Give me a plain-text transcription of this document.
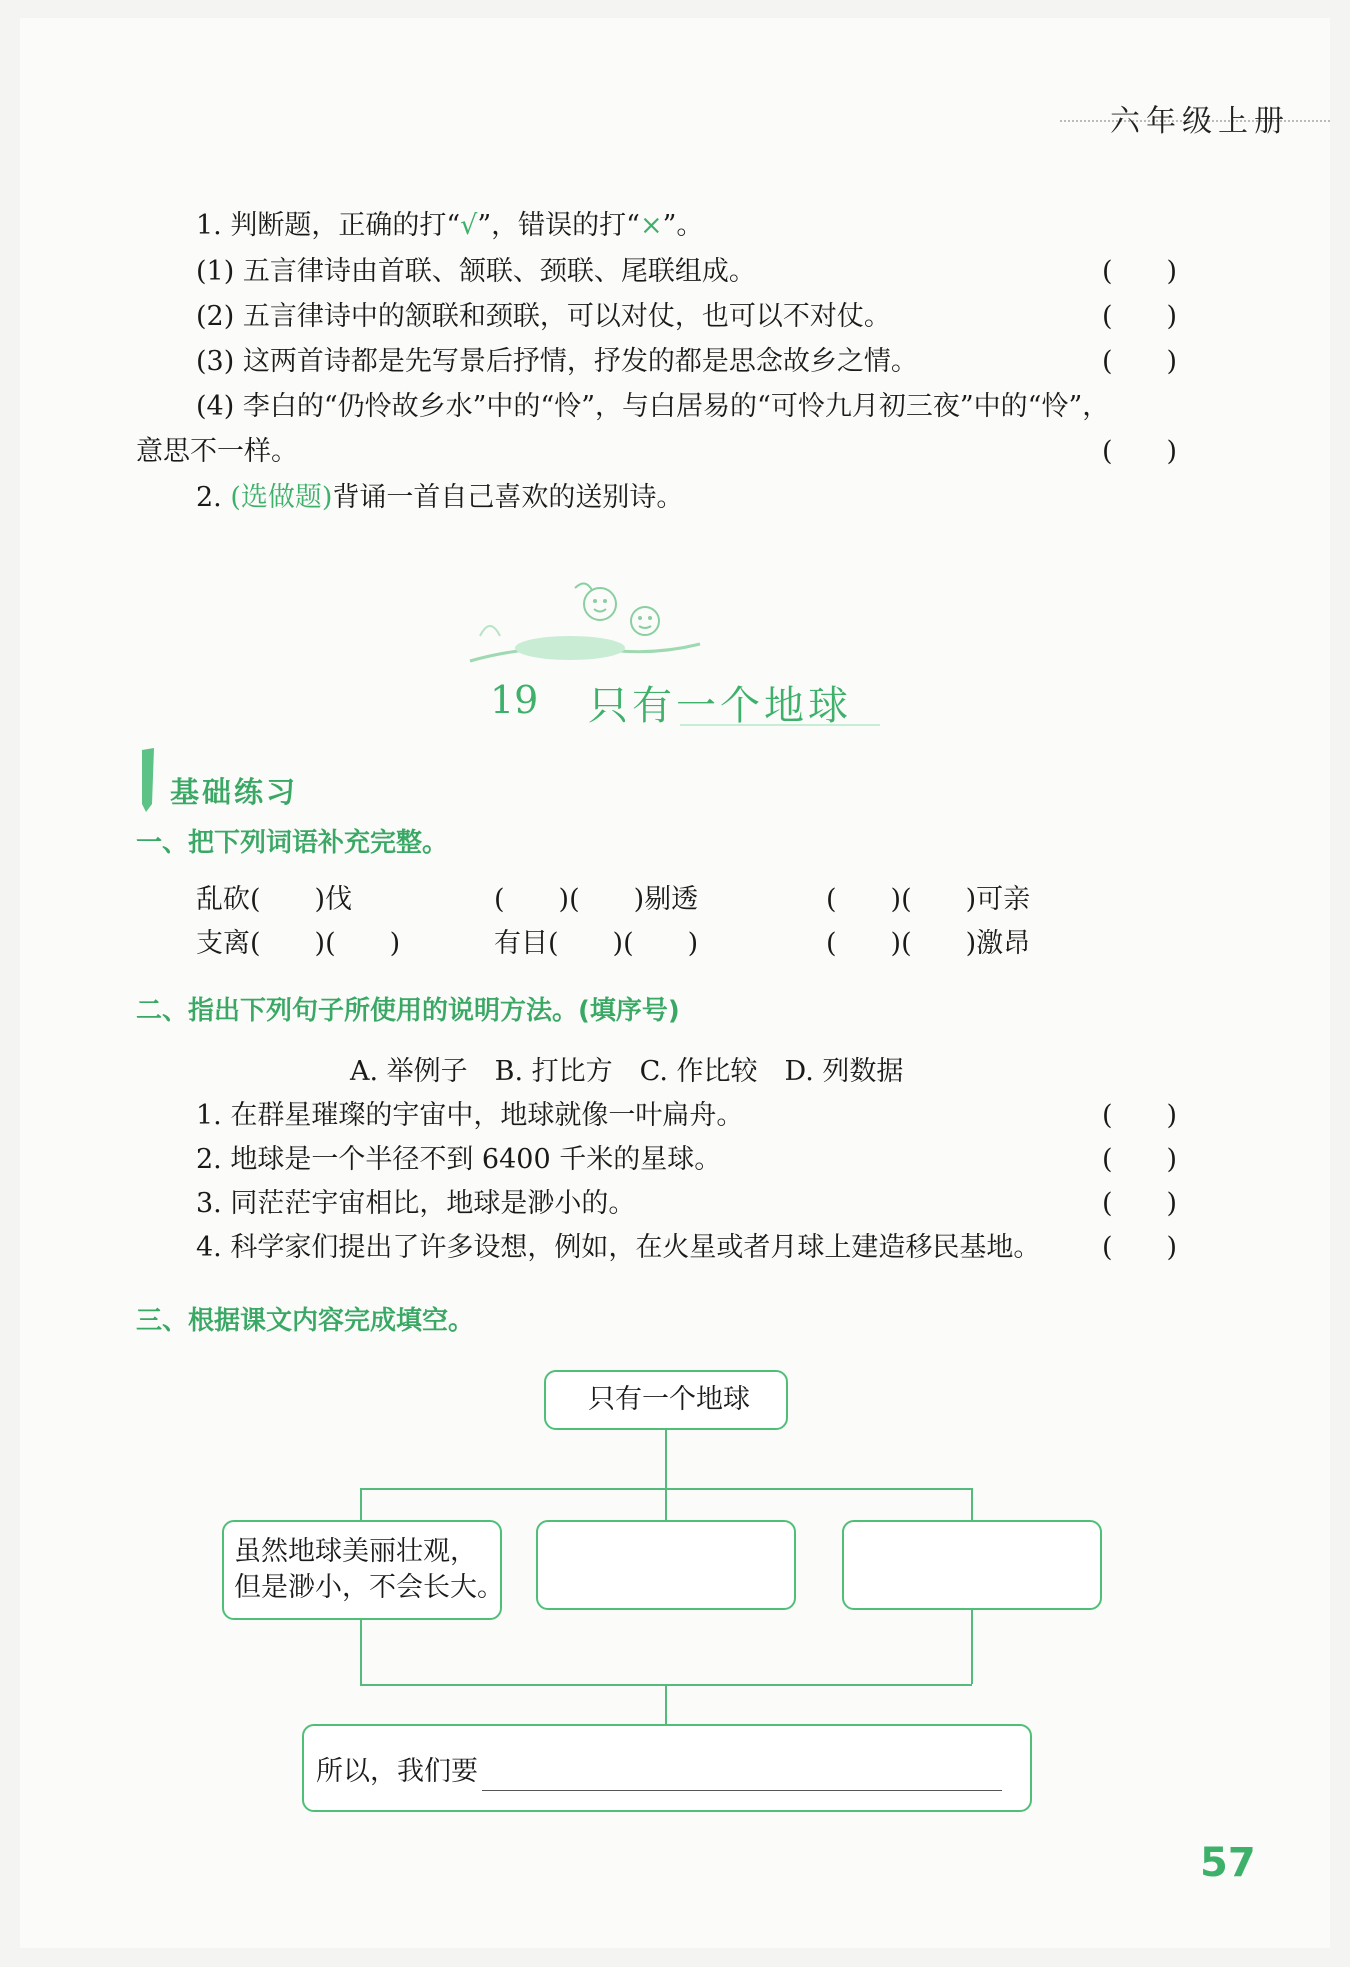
六年级上册
1. 判断题，正确的打“√”，错误的打“×”。
(1) 五言律诗由首联、颔联、颈联、尾联组成。	(　　)
(2) 五言律诗中的颔联和颈联，可以对仗，也可以不对仗。	(　　)
(3) 这两首诗都是先写景后抒情，抒发的都是思念故乡之情。	(　　)
(4) 李白的“仍怜故乡水”中的“怜”，与白居易的“可怜九月初三夜”中的“怜”，
意思不一样。	(　　)
2. (选做题)背诵一首自己喜欢的送别诗。
19 只有一个地球
基础练习
一、把下列词语补充完整。
乱砍(　　)伐	(　　)(　　)剔透	(　　)(　　)可亲
支离(　　)(　　)	有目(　　)(　　)	(　　)(　　)激昂
二、指出下列句子所使用的说明方法。(填序号)
A. 举例子　B. 打比方　C. 作比较　D. 列数据
1. 在群星璀璨的宇宙中，地球就像一叶扁舟。	(　　)
2. 地球是一个半径不到 6400 千米的星球。	(　　)
3. 同茫茫宇宙相比，地球是渺小的。	(　　)
4. 科学家们提出了许多设想，例如，在火星或者月球上建造移民基地。 (　　)
三、根据课文内容完成填空。
只有一个地球
虽然地球美丽壮观，
但是渺小，不会长大。
所以，我们要
57
